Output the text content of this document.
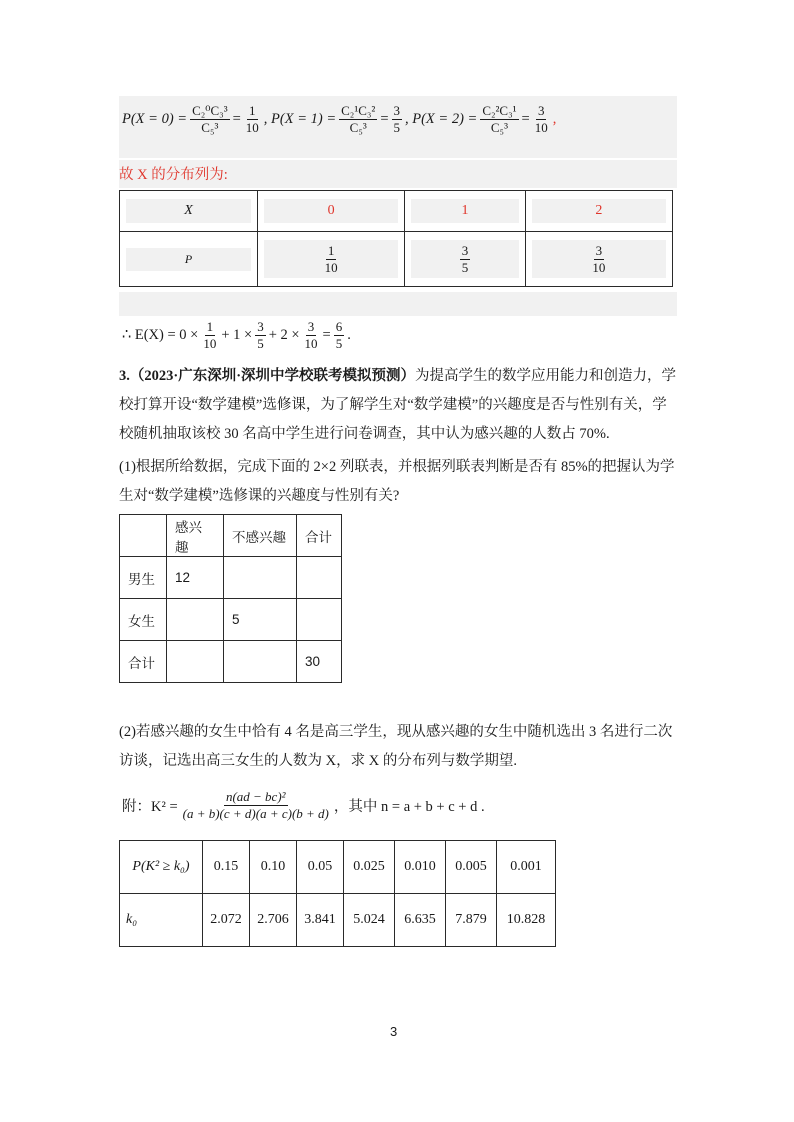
$P(X = 0) = \frac{\text{C₂⁰C₃³}}{\text{C₅³}} = \frac{1}{10}$ , $P(X = 1) = \frac{\text{C₂¹C₃²}}{\text{C₅³}} = \frac{3}{5}$ , $P(X = 2) = \frac{\text{C₂²C₃¹}}{\text{C₅³}} = \frac{3}{10}$ ,
故 X 的分布列为:
X	0	1	2

P	$\frac{1}{10}$	$\frac{3}{5}$	$\frac{3}{10}$
∴ $E(X) = 0 \times \frac{1}{10} + 1 \times \frac{3}{5} + 2 \times \frac{3}{10} = \frac{6}{5}$ .
3.（2023·广东深圳·深圳中学校联考模拟预测）为提高学生的数学应用能力和创造力，学校打算开设“数学建模”选修课，为了解学生对“数学建模”的兴趣度是否与性别有关，学校随机抽取该校 30 名高中学生进行问卷调查，其中认为感兴趣的人数占 70%.
(1)根据所给数据，完成下面的 2×2 列联表，并根据列联表判断是否有 85%的把握认为学生对“数学建模”选修课的兴趣度与性别有关?
	感兴趣	不感兴趣	合计
男生	12		
女生		5	
合计			30
(2)若感兴趣的女生中恰有 4 名是高三学生，现从感兴趣的女生中随机选出 3 名进行二次访谈，记选出高三女生的人数为 X，求 X 的分布列与数学期望.
附：$K^2 = \frac{\text{n(ad − bc)²}}{(a + b)(c + d)(a + c)(b + d)}$ ，其中 n = a + b + c + d .
P(K² ≥ k₀)	0.15	0.10	0.05	0.025	0.010	0.005	0.001
k₀	2.072	2.706	3.841	5.024	6.635	7.879	10.828
3
